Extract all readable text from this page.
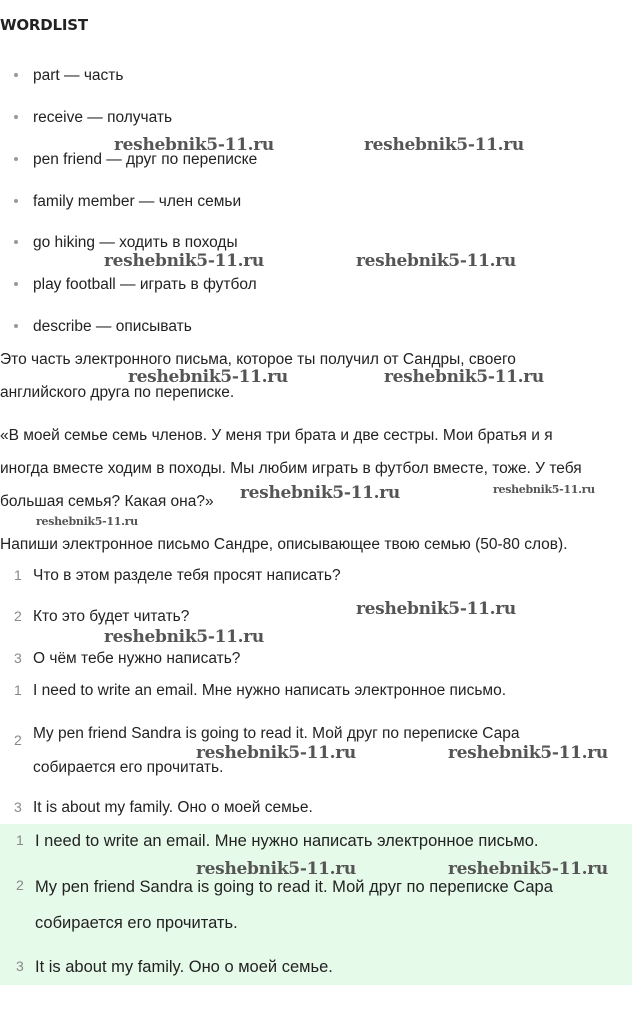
WORDLIST
part — часть
receive — получать
pen friend — друг по переписке
family member — член семьи
go hiking — ходить в походы
play football — играть в футбол
describe — описывать
Это часть электронного письма, которое ты получил от Сандры, своего
английского друга по переписке.
«В моей семье семь членов. У меня три брата и две сестры. Мои братья и я
иногда вместе ходим в походы. Мы любим играть в футбол вместе, тоже. У тебя
большая семья? Какая она?»
Напиши электронное письмо Сандре, описывающее твою семью (50-80 слов).
1 Что в этом разделе тебя просят написать?
2 Кто это будет читать?
3 О чём тебе нужно написать?
1 I need to write an email. Мне нужно написать электронное письмо.
2 My pen friend Sandra is going to read it. Мой друг по переписке Сара
собирается его прочитать.
3 It is about my family. Оно о моей семье.
1 I need to write an email. Мне нужно написать электронное письмо.
2 My pen friend Sandra is going to read it. Мой друг по переписке Сара
собирается его прочитать.
3 It is about my family. Оно о моей семье.
reshebnik5-11.ru	reshebnik5-11.ru
reshebnik5-11.ru	reshebnik5-11.ru
reshebnik5-11.ru	reshebnik5-11.ru
reshebnik5-11.ru	reshebnik5-11.ru
reshebnik5-11.ru
reshebnik5-11.ru
reshebnik5-11.ru
reshebnik5-11.ru	reshebnik5-11.ru
reshebnik5-11.ru	reshebnik5-11.ru
